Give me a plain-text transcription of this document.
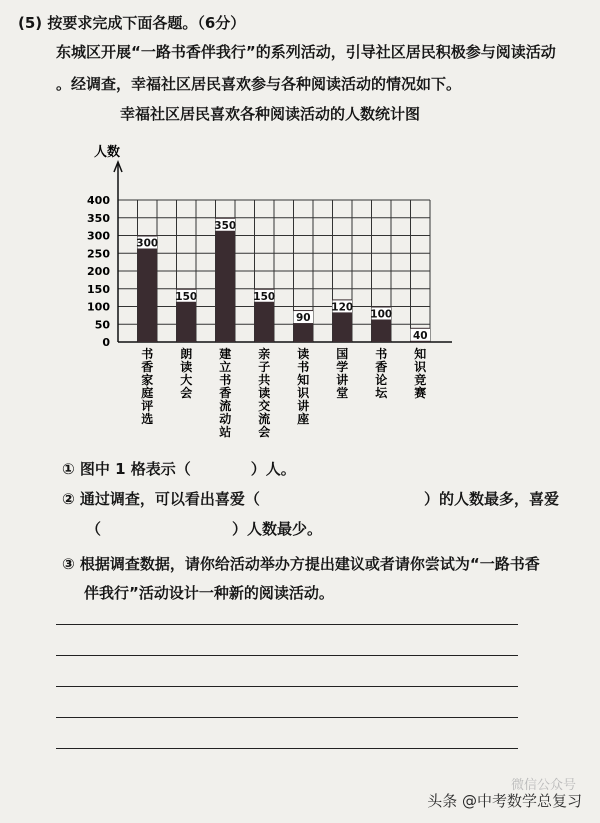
(5) 按要求完成下面各题。（6分）
东城区开展“一路书香伴我行”的系列活动，引导社区居民积极参与阅读活动
。经调查，幸福社区居民喜欢参与各种阅读活动的情况如下。
幸福社区居民喜欢各种阅读活动的人数统计图
人数
0
50
100
150
200
250
300
350
400
300
书
香
家
庭
评
选
150
朗
读
大
会
350
建
立
书
香
流
动
站
150
亲
子
共
读
交
流
会
90
读
书
知
识
讲
座
120
国
学
讲
堂
100
书
香
论
坛
40
知
识
竞
赛
① 图中 1 格表示（　　　　）人。
② 通过调查，可以看出喜爱（	）的人数最多，喜爱
（	）人数最少。
③ 根据调查数据，请你给活动举办方提出建议或者请你尝试为“一路书香
伴我行”活动设计一种新的阅读活动。
微信公众号
头条 @中考数学总复习
